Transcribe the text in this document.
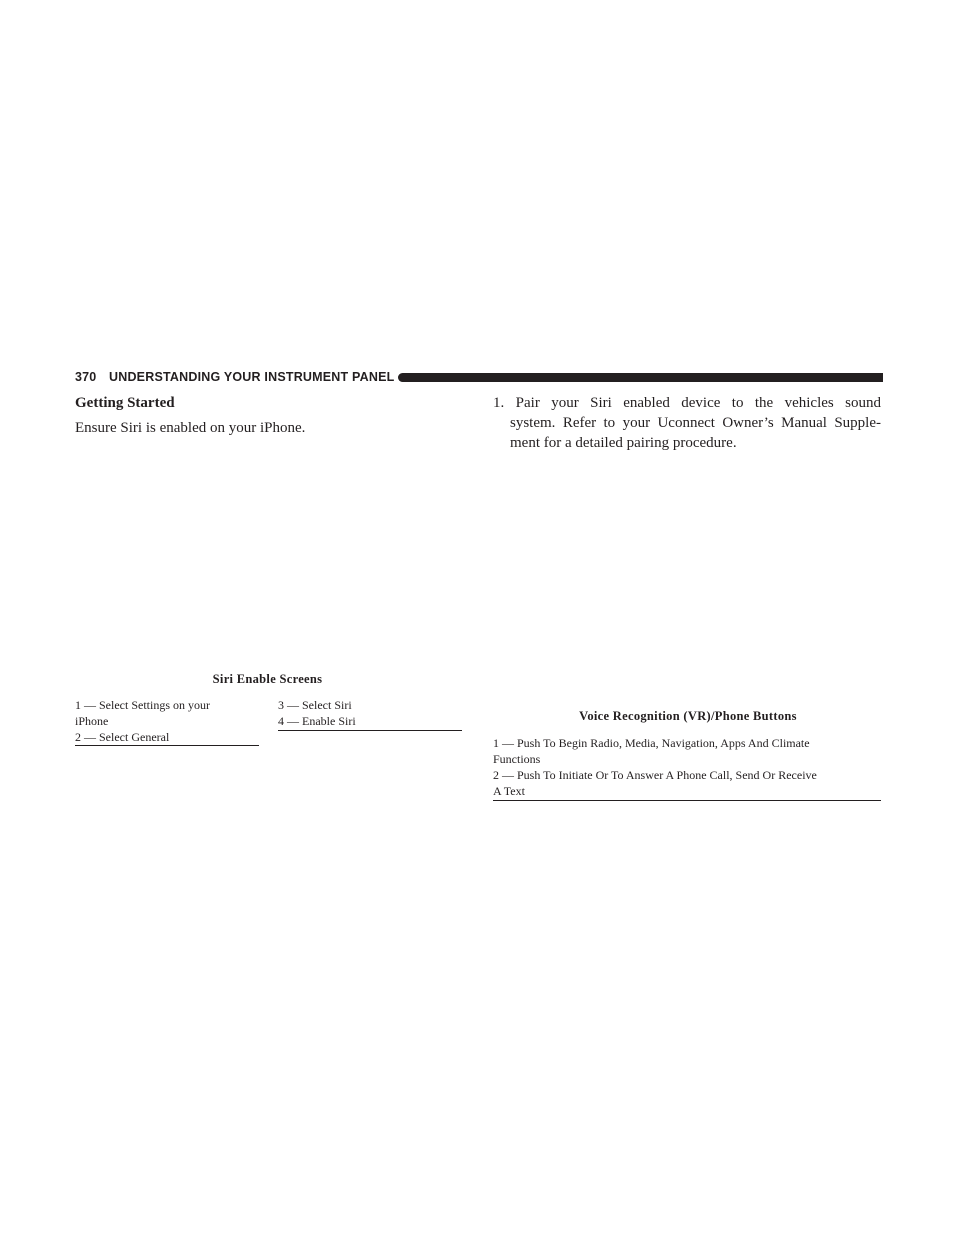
370 UNDERSTANDING YOUR INSTRUMENT PANEL
Getting Started
Ensure Siri is enabled on your iPhone.
1. Pair your Siri enabled device to the vehicles sound
system. Refer to your Uconnect Owner’s Manual Supple-
ment for a detailed pairing procedure.
Siri Enable Screens
1 — Select Settings on your
iPhone
2 — Select General
3 — Select Siri
4 — Enable Siri	Voice Recognition (VR)/Phone Buttons
1 — Push To Begin Radio, Media, Navigation, Apps And Climate
Functions
2 — Push To Initiate Or To Answer A Phone Call, Send Or Receive
A Text
